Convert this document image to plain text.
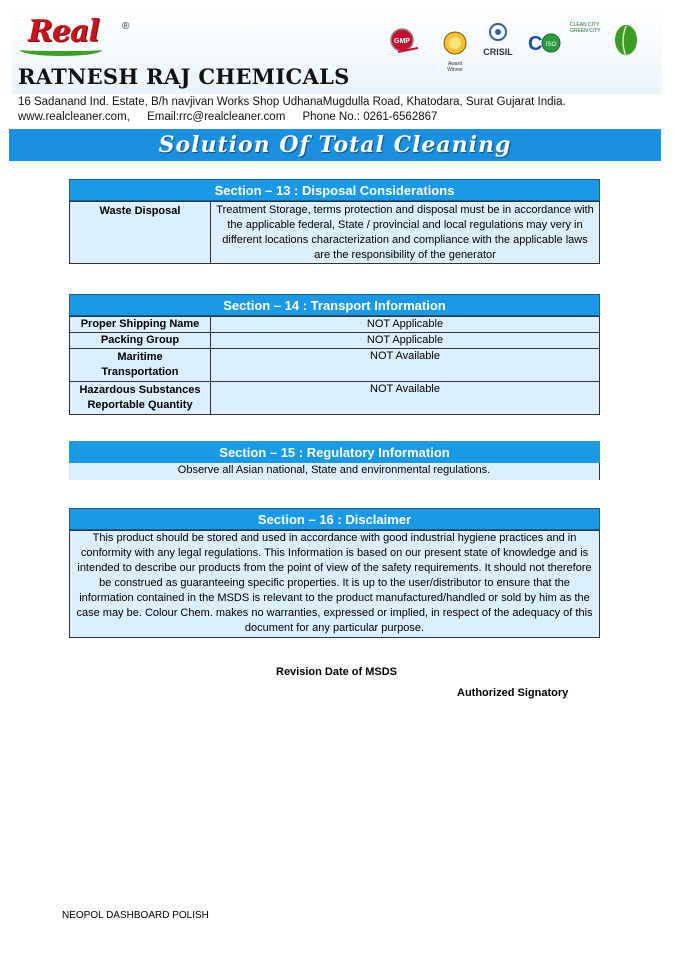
Real ®
RATNESH RAJ CHEMICALS
GMP
Award Winner
CRISIL C ISO
CLEAN CITY GREEN CITY
16 Sadanand Ind. Estate, B/h navjivan Works Shop UdhanaMugdulla Road, Khatodara, Surat Gujarat India.
www.realcleaner.com, Email:rrc@realcleaner.com Phone No.: 0261-6562867
Solution Of Total Cleaning
Section – 13 : Disposal Considerations
Waste Disposal	Treatment Storage, terms protection and disposal must be in accordance with the applicable federal, State / provincial and local regulations may very in different locations characterization and compliance with the applicable laws are the responsibility of the generator
Section – 14 : Transport Information
Proper Shipping Name	NOT Applicable
Packing Group	NOT Applicable
Maritime Transportation	NOT Available
Hazardous Substances Reportable Quantity	NOT Available
Section – 15 : Regulatory Information
Observe all Asian national, State and environmental regulations.
Section – 16 : Disclaimer
This product should be stored and used in accordance with good industrial hygiene practices and in conformity with any legal regulations. This Information is based on our present state of knowledge and is intended to describe our products from the point of view of the safety requirements. It should not therefore be construed as guaranteeing specific properties. It is up to the user/distributor to ensure that the information contained in the MSDS is relevant to the product manufactured/handled or sold by him as the case may be. Colour Chem. makes no warranties, expressed or implied, in respect of the adequacy of this document for any particular purpose.
Revision Date of MSDS
Authorized Signatory
NEOPOL DASHBOARD POLISH
